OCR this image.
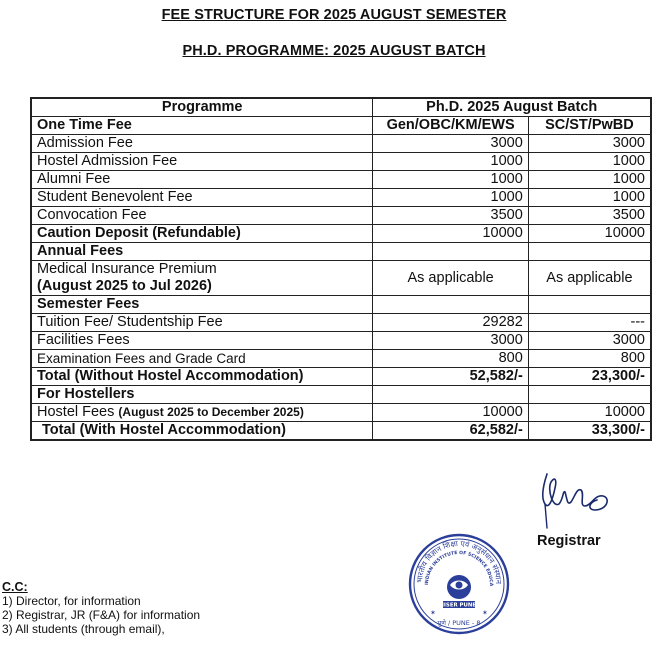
FEE STRUCTURE FOR 2025 AUGUST SEMESTER
PH.D. PROGRAMME: 2025 AUGUST BATCH
Programme	Ph.D. 2025 August Batch	
One Time Fee	Gen/OBC/KM/EWS	SC/ST/PwBD
Admission Fee	3000	3000
Hostel Admission Fee	1000	1000
Alumni Fee	1000	1000
Student Benevolent Fee	1000	1000
Convocation Fee	3500	3500
Caution Deposit (Refundable)	10000	10000
Annual Fees		

Medical Insurance Premium
(August 2025 to Jul 2026)	As applicable	As applicable
Semester Fees		
Tuition Fee/ Studentship Fee	29282	---
Facilities Fees	3000	3000
Examination Fees and Grade Card	800	800
Total (Without Hostel Accommodation)	52,582/-	23,300/-
For Hostellers		
Hostel Fees (August 2025 to December 2025)	10000	10000
Total (With Hostel Accommodation)	62,582/-	33,300/-
Registrar
भारतीय विज्ञान शिक्षा एवं अनुसंधान संस्थान
INDIAN INSTITUTE OF SCIENCE EDUCA
IISER PUNE
पुणे / PUNE - 8
✶	✶
C.C:
1) Director, for information
2) Registrar, JR (F&A) for information
3) All students (through email),
